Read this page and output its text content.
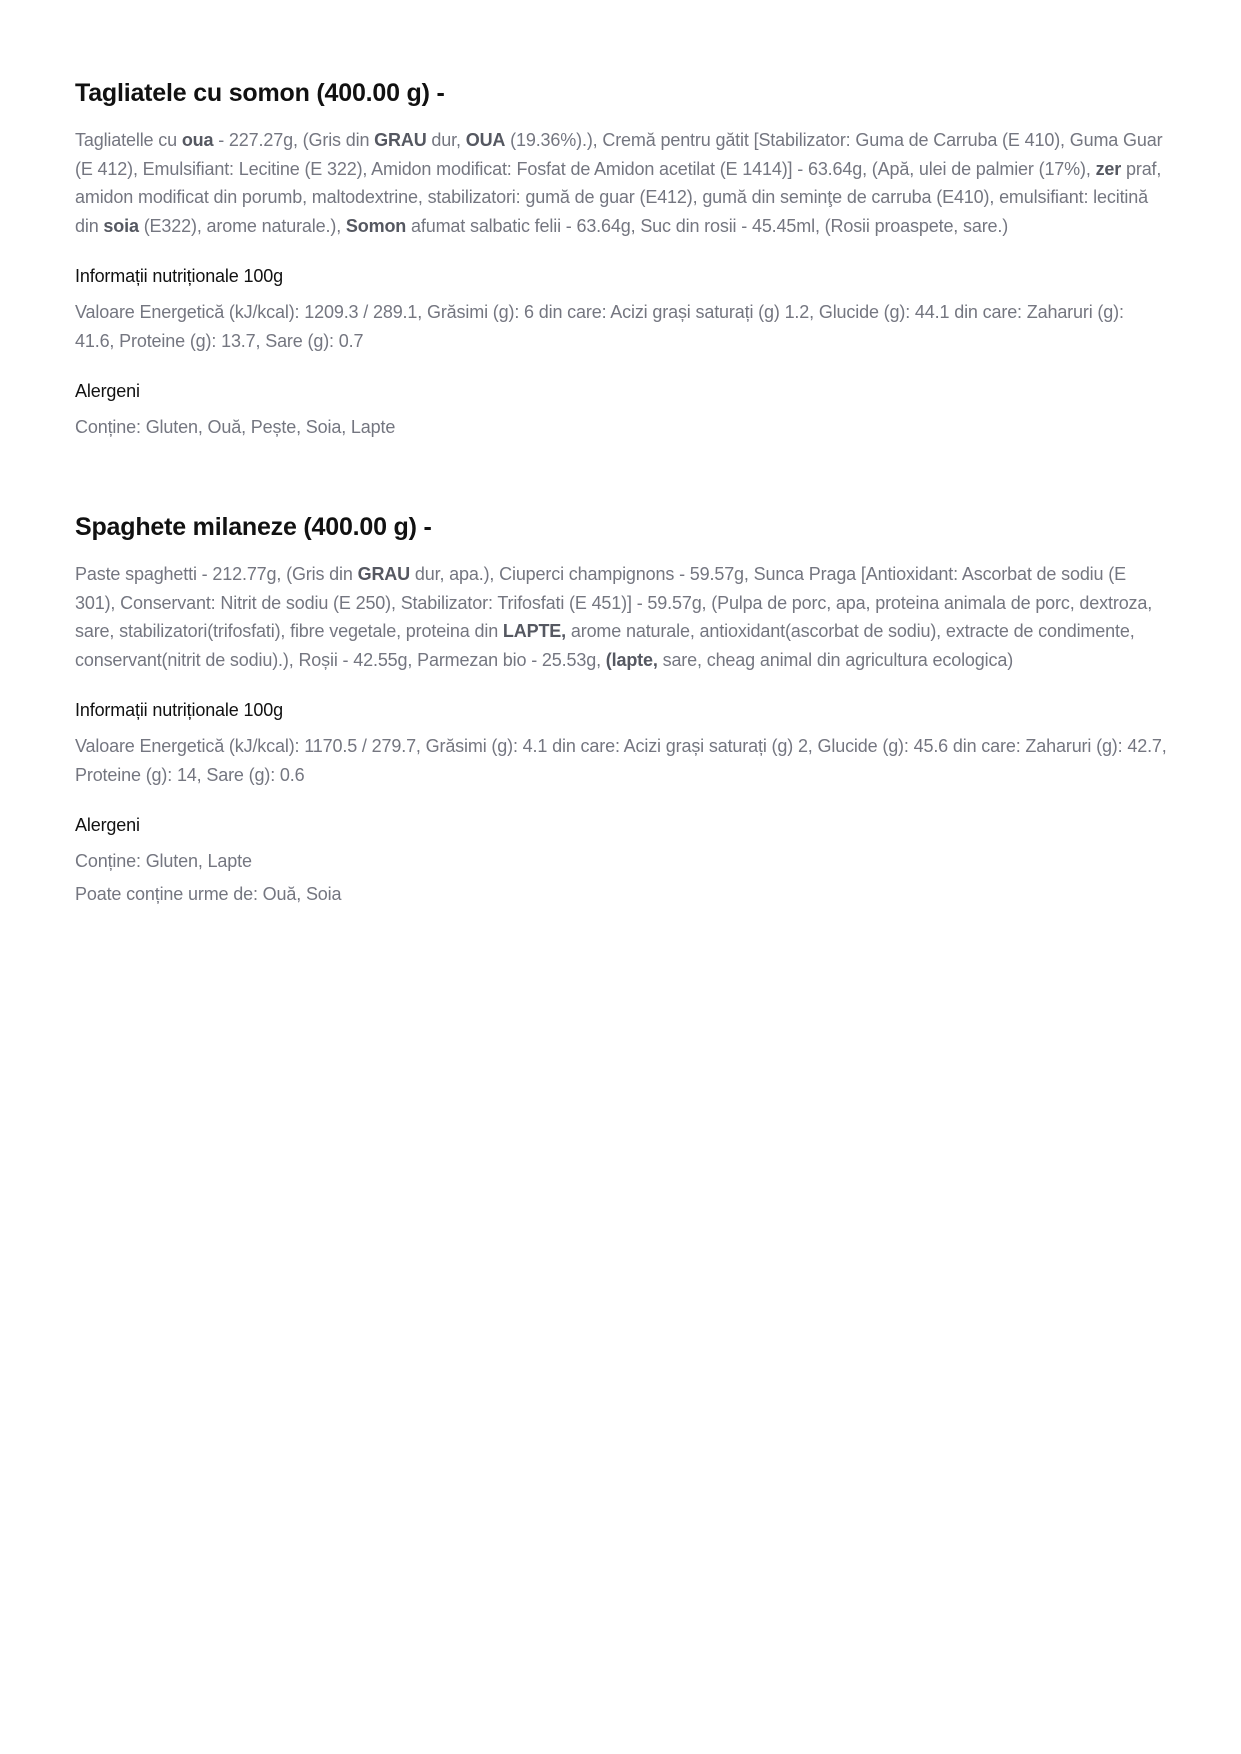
Tagliatele cu somon (400.00 g) -

Tagliatelle cu oua - 227.27g, (Gris din GRAU dur, OUA (19.36%).), Cremă pentru gătit [Stabilizator: Guma de Carruba (E 410), Guma Guar (E 412), Emulsifiant: Lecitine (E 322), Amidon modificat: Fosfat de Amidon acetilat (E 1414)] - 63.64g, (Apă, ulei de palmier (17%), zer praf, amidon modificat din porumb, maltodextrine, stabilizatori: gumă de guar (E412), gumă din seminţe de carruba (E410), emulsifiant: lecitină din soia (E322), arome naturale.), Somon afumat salbatic felii - 63.64g, Suc din rosii - 45.45ml, (Rosii proaspete, sare.)

Informații nutriționale 100g

Valoare Energetică (kJ/kcal): 1209.3 / 289.1, Grăsimi (g): 6 din care: Acizi grași saturați (g) 1.2, Glucide (g): 44.1 din care: Zaharuri (g): 41.6, Proteine (g): 13.7, Sare (g): 0.7

Alergeni

Conține: Gluten, Ouă, Pește, Soia, Lapte

Spaghete milaneze (400.00 g) -

Paste spaghetti - 212.77g, (Gris din GRAU dur, apa.), Ciuperci champignons - 59.57g, Sunca Praga [Antioxidant: Ascorbat de sodiu (E 301), Conservant: Nitrit de sodiu (E 250), Stabilizator: Trifosfati (E 451)] - 59.57g, (Pulpa de porc, apa, proteina animala de porc, dextroza, sare, stabilizatori(trifosfati), fibre vegetale, proteina din LAPTE, arome naturale, antioxidant(ascorbat de sodiu), extracte de condimente, conservant(nitrit de sodiu).), Roșii - 42.55g, Parmezan bio - 25.53g, (lapte, sare, cheag animal din agricultura ecologica)

Informații nutriționale 100g

Valoare Energetică (kJ/kcal): 1170.5 / 279.7, Grăsimi (g): 4.1 din care: Acizi grași saturați (g) 2, Glucide (g): 45.6 din care: Zaharuri (g): 42.7, Proteine (g): 14, Sare (g): 0.6

Alergeni

Conține: Gluten, Lapte

Poate conține urme de: Ouă, Soia
